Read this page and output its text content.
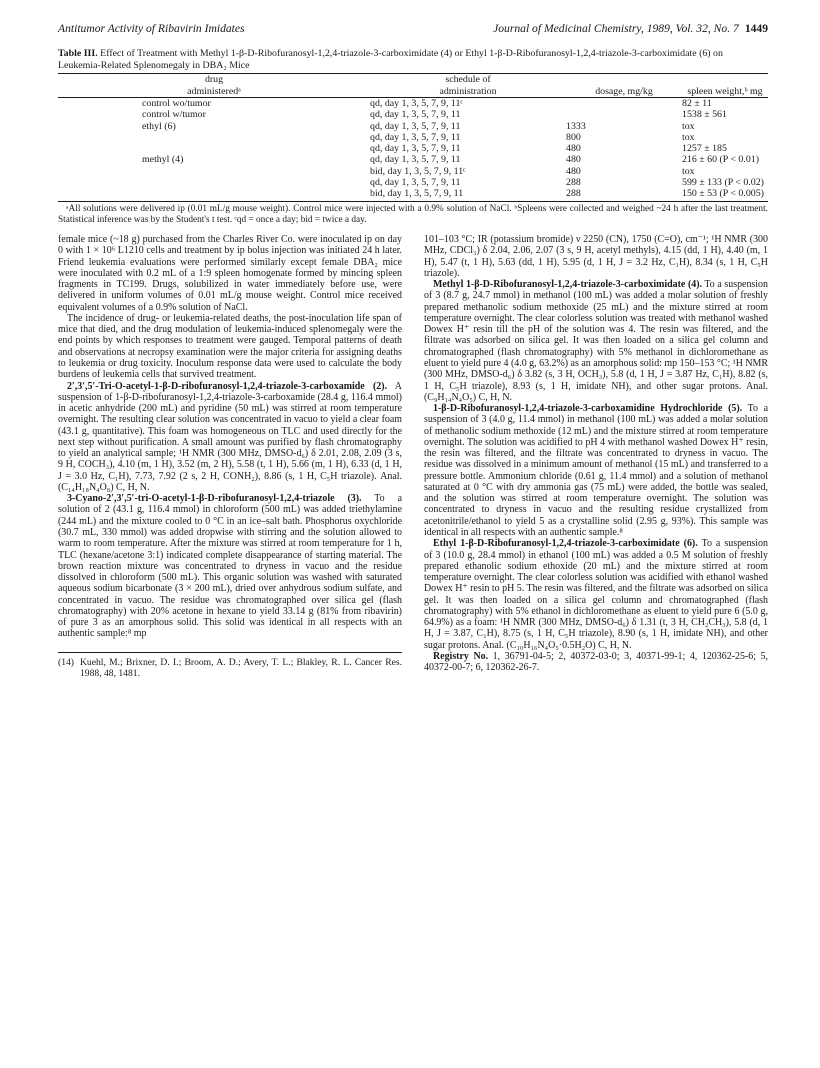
Antitumor Activity of Ribavirin Imidates	Journal of Medicinal Chemistry, 1989, Vol. 32, No. 7 1449
Table III. Effect of Treatment with Methyl 1-β-D-Ribofuranosyl-1,2,4-triazole-3-carboximidate (4) or Ethyl 1-β-D-Ribofuranosyl-1,2,4-triazole-3-carboximidate (6) on Leukemia-Related Splenomegaly in DBA₂ Mice
drug	schedule of		
administeredᵃ	administration	dosage, mg/kg	spleen weight,ᵇ mg
control wo/tumor	qd, day 1, 3, 5, 7, 9, 11ᶜ		82 ± 11
control w/tumor	qd, day 1, 3, 5, 7, 9, 11		1538 ± 561
ethyl (6)	qd, day 1, 3, 5, 7, 9, 11	1333	tox
	qd, day 1, 3, 5, 7, 9, 11	800	tox
	qd, day 1, 3, 5, 7, 9, 11	480	1257 ± 185
methyl (4)	qd, day 1, 3, 5, 7, 9, 11	480	216 ± 60 (P < 0.01)
	bid, day 1, 3, 5, 7, 9, 11ᶜ	480	tox
	qd, day 1, 3, 5, 7, 9, 11	288	599 ± 133 (P < 0.02)
	bid, day 1, 3, 5, 7, 9, 11	288	150 ± 53 (P < 0.005)
ᵃAll solutions were delivered ip (0.01 mL/g mouse weight). Control mice were injected with a 0.9% solution of NaCl. ᵇSpleens were collected and weighed ~24 h after the last treatment. Statistical inference was by the Student's t test. ᶜqd = once a day; bid = twice a day.

female mice (~18 g) purchased from the Charles River Co. were inoculated ip on day 0 with 1 × 10⁶ L1210 cells and treatment by ip bolus injection was initiated 24 h later. Friend leukemia evaluations were performed similarly except female DBA₂ mice were inoculated with 0.2 mL of a 1:9 spleen homogenate formed by mincing spleen fragments in TC199. Drugs, solubilized in water immediately before use, were delivered in uniform volumes of 0.01 mL/g mouse weight. Control mice received equivalent volumes of a 0.9% solution of NaCl.

The incidence of drug- or leukemia-related deaths, the post-inoculation life span of mice that died, and the drug modulation of leukemia-induced splenomegaly were the end points by which responses to treatment were gauged. Temporal patterns of death and observations at necropsy examination were the major criteria for assigning deaths to leukemia or drug toxicity. Inoculum response data were used to calculate the body burdens of leukemia cells that survived treatment.

2′,3′,5′-Tri-O-acetyl-1-β-D-ribofuranosyl-1,2,4-triazole-3-carboxamide (2). A suspension of 1-β-D-ribofuranosyl-1,2,4-triazole-3-carboxamide (28.4 g, 116.4 mmol) in acetic anhydride (200 mL) and pyridine (50 mL) was stirred at room temperature overnight. The resulting clear solution was concentrated in vacuo to yield a clear foam (43.1 g, quantitative). This foam was homogeneous on TLC and used directly for the next step without purification. A small amount was purified by flash chromatography to yield an analytical sample; ¹H NMR (300 MHz, DMSO-d₆) δ 2.01, 2.08, 2.09 (3 s, 9 H, COCH₃), 4.10 (m, 1 H), 3.52 (m, 2 H), 5.58 (t, 1 H), 5.66 (m, 1 H), 6.33 (d, 1 H, J = 3.0 Hz, C₁H), 7.73, 7.92 (2 s, 2 H, CONH₂), 8.86 (s, 1 H, C₅H triazole). Anal. (C₁₄H₁₈N₄O₈) C, H, N.

3-Cyano-2′,3′,5′-tri-O-acetyl-1-β-D-ribofuranosyl-1,2,4-triazole (3). To a solution of 2 (43.1 g, 116.4 mmol) in chloroform (500 mL) was added triethylamine (244 mL) and the mixture cooled to 0 °C in an ice–salt bath. Phosphorus oxychloride (30.7 mL, 330 mmol) was added dropwise with stirring and the solution allowed to warm to room temperature. After the mixture was stirred at room temperature for 1 h, TLC (hexane/acetone 3:1) indicated complete disappearance of starting material. The brown reaction mixture was concentrated to dryness in vacuo and the residue dissolved in chloroform (500 mL). This organic solution was washed with saturated aqueous sodium bicarbonate (3 × 200 mL), dried over anhydrous sodium sulfate, and concentrated in vacuo. The residue was chromatographed over silica gel (flash chromatography) with 20% acetone in hexane to yield 33.14 g (81% from ribavirin) of pure 3 as an amorphous solid. This solid was identical in all respects with an authentic sample:⁸ mp

(14) Kuehl, M.; Brixner, D. I.; Broom, A. D.; Avery, T. L.; Blakley, R. L. Cancer Res. 1988, 48, 1481.

101–103 °C; IR (potassium bromide) ν 2250 (CN), 1750 (C=O), cm⁻¹; ¹H NMR (300 MHz, CDCl₃) δ 2.04, 2.06, 2.07 (3 s, 9 H, acetyl methyls), 4.15 (dd, 1 H), 4.40 (m, 1 H), 5.47 (t, 1 H), 5.63 (dd, 1 H), 5.95 (d, 1 H, J = 3.2 Hz, C₁H), 8.34 (s, 1 H, C₅H triazole).

Methyl 1-β-D-Ribofuranosyl-1,2,4-triazole-3-carboximidate (4). To a suspension of 3 (8.7 g, 24.7 mmol) in methanol (100 mL) was added a molar solution of freshly prepared methanolic sodium methoxide (25 mL) and the mixture stirred at room temperature overnight. The clear colorless solution was treated with methanol washed Dowex H⁺ resin till the pH of the solution was 4. The resin was filtered, and the filtrate was adsorbed on silica gel. It was then loaded on a silica gel column and chromatographed (flash chromatography) with 5% methanol in dichloromethane as eluent to yield pure 4 (4.0 g, 63.2%) as an amorphous solid: mp 150–153 °C; ¹H NMR (300 MHz, DMSO-d₆) δ 3.82 (s, 3 H, OCH₃), 5.8 (d, 1 H, J = 3.87 Hz, C₁H), 8.82 (s, 1 H, C₅H triazole), 8.93 (s, 1 H, imidate NH), and other sugar protons. Anal. (C₉H₁₄N₄O₅) C, H, N.

1-β-D-Ribofuranosyl-1,2,4-triazole-3-carboxamidine Hydrochloride (5). To a suspension of 3 (4.0 g, 11.4 mmol) in methanol (100 mL) was added a molar solution of methanolic sodium methoxide (12 mL) and the mixture stirred at room temperature overnight. The solution was acidified to pH 4 with methanol washed Dowex H⁺ resin, the resin was filtered, and the filtrate was concentrated to dryness in vacuo. The residue was dissolved in a minimum amount of methanol (15 mL) and transferred to a pressure bottle. Ammonium chloride (0.61 g, 11.4 mmol) and a solution of methanol saturated at 0 °C with dry ammonia gas (75 mL) were added, the bottle was sealed, and the solution was stirred at room temperature overnight. The solution was concentrated to dryness in vacuo and the resulting residue crystallized from acetonitrile/ethanol to yield 5 as a crystalline solid (2.95 g, 93%). This sample was identical in all respects with an authentic sample.⁸

Ethyl 1-β-D-Ribofuranosyl-1,2,4-triazole-3-carboximidate (6). To a suspension of 3 (10.0 g, 28.4 mmol) in ethanol (100 mL) was added a 0.5 M solution of freshly prepared ethanolic sodium ethoxide (20 mL) and the mixture stirred at room temperature overnight. The clear colorless solution was acidified with ethanol washed Dowex H⁺ resin to pH 5. The resin was filtered, and the filtrate was adsorbed on silica gel. It was then loaded on a silica gel column and chromatographed (flash chromatography) with 5% ethanol in dichloromethane as eluent to yield pure 6 (5.0 g, 64.9%) as a foam: ¹H NMR (300 MHz, DMSO-d₆) δ 1.31 (t, 3 H, CH₂CH₃), 5.8 (d, 1 H, J = 3.87, C₁H), 8.75 (s, 1 H, C₅H triazole), 8.90 (s, 1 H, imidate NH), and other sugar protons. Anal. (C₁₀H₁₆N₄O₅·0.5H₂O) C, H, N.

Registry No. 1, 36791-04-5; 2, 40372-03-0; 3, 40371-99-1; 4, 120362-25-6; 5, 40372-00-7; 6, 120362-26-7.
